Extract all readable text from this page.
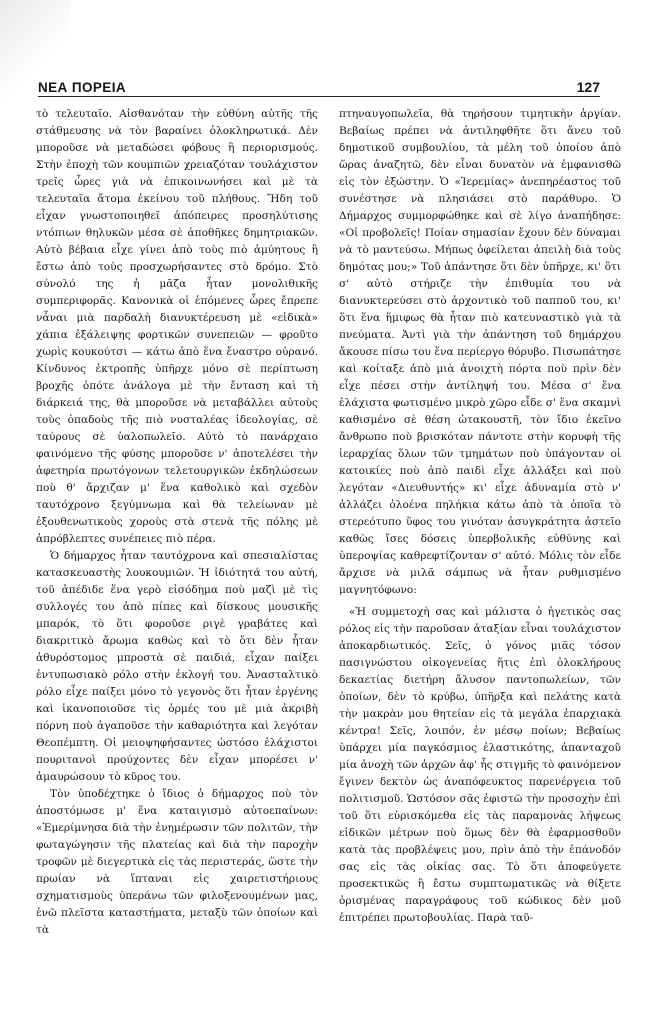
ΝΕΑ ΠΟΡΕΙΑ	127

τὸ τελευταῖο. Αἰσθανόταν τὴν εὐθύνη αὐτῆς τῆς στάθμευσης νὰ τὸν βαραίνει ὁλοκληρωτικά. Δὲν μποροῦσε νὰ μεταδώσει φόβους ἢ περιορισμούς. Στὴν ἐποχὴ τῶν κουμπιῶν χρειαζόταν τουλάχιστον τρεῖς ὧρες γιὰ νὰ ἐπικοινωνήσει καὶ μὲ τὰ τελευταῖα ἄτομα ἐκείνου τοῦ πλήθους. Ἤδη τοῦ εἶχαν γνωστοποιηθεῖ ἀπόπειρες προσηλύτισης ντόπιων θηλυκῶν μέσα σὲ ἀποθῆκες δημητριακῶν. Αὐτὸ βέβαια εἶχε γίνει ἀπὸ τοὺς πιὸ ἀμύητους ἢ ἔστω ἀπὸ τοὺς προσχωρήσαντες στὸ δρόμο. Στὸ σύνολό της ἡ μᾶζα ἦταν μονολιθικῆς συμπεριφορᾶς. Κανονικὰ οἱ ἑπόμενες ὧρες ἔπρεπε νἆναι μιὰ παρδαλὴ διανυκτέρευση μὲ «εἰδικὰ» χάπια ἐξάλειψης φορτικῶν συνεπειῶν — φροῦτο χωρὶς κουκούτσι — κάτω ἀπὸ ἕνα ἔναστρο οὐρανό. Κίνδυνος ἐκτροπῆς ὑπῆρχε μόνο σὲ περίπτωση βροχῆς ὁπότε ἀνάλογα μὲ τὴν ἔνταση καὶ τὴ διάρκειά της, θὰ μποροῦσε νὰ μεταβάλλει αὐτοὺς τοὺς ὀπαδοὺς τῆς πιὸ νυσταλέας ἰδεολογίας, σὲ ταύρους σὲ ὑαλοπωλεῖο. Αὐτὸ τὸ πανάρχαιο φαινόμενο τῆς φύσης μποροῦσε ν' ἀποτελέσει τὴν ἀφετηρία πρωτόγονων τελετουργικῶν ἐκδηλώσεων ποὺ θ' ἄρχιζαν μ' ἕνα καθολικὸ καὶ σχεδὸν ταυτόχρονο ξεγύμνωμα καὶ θὰ τελείωναν μὲ ἐξουθενωτικοὺς χοροὺς στὰ στενὰ τῆς πόλης μὲ ἀπρόβλεπτες συνέπειες πιὸ πέρα.

Ὁ δήμαρχος ἦταν ταυτόχρονα καὶ σπεσιαλίστας κατασκευαστὴς λουκουμιῶν. Ἡ ἰδιότητά του αὐτή, τοῦ ἀπέδιδε ἕνα γερὸ εἰσόδημα ποὺ μαζὶ μὲ τὶς συλλογές του ἀπὸ πίπες καὶ δίσκους μουσικῆς μπαρόκ, τὸ ὅτι φοροῦσε ριγὲ γραβάτες καὶ διακριτικὸ ἄρωμα καθὼς καὶ τὸ ὅτι δὲν ἦταν ἀθυρόστομος μπροστὰ σὲ παιδιά, εἶχαν παίξει ἐντυπωσιακὸ ρόλο στὴν ἐκλογή του. Ἀνασταλτικὸ ρόλο εἶχε παίξει μόνο τὸ γεγονὸς ὅτι ἦταν ἐργένης καὶ ἱκανοποιοῦσε τὶς ὁρμές του μὲ μιὰ ἀκριβὴ πόρνη ποὺ ἀγαποῦσε τὴν καθαριότητα καὶ λεγόταν Θεοπέμπτη. Οἱ μειοψηφήσαντες ὡστόσο ἐλάχιστοι πουριτανοὶ προύχοντες δὲν εἶχαν μπορέσει ν' ἀμαυρώσουν τὸ κῦρος του.

Τὸν ὑποδέχτηκε ὁ ἴδιος ὁ δήμαρχος ποὺ τὸν ἀποστόμωσε μ' ἕνα καταιγισμὸ αὐτοεπαίνων: «Ἐμερίμνησα διὰ τὴν ἐνημέρωσιν τῶν πολιτῶν, τὴν φωταγώγησιν τῆς πλατείας καὶ διὰ τὴν παροχὴν τροφῶν μὲ διεγερτικὰ εἰς τὰς περιστεράς, ὥστε τὴν πρωίαν νὰ ἵπταναι εἰς χαιρετιστήριους σχηματισμοὺς ὑπεράνω τῶν φιλοξενουμένων μας, ἐνῶ πλεῖστα καταστήματα, μεταξὺ τῶν ὁποίων καὶ τὰ

πτηναυγοπωλεῖα, θὰ τηρήσουν τιμητικὴν ἀργίαν. Βεβαίως πρέπει νὰ ἀντιληφθῆτε ὅτι ἄνευ τοῦ δημοτικοῦ συμβουλίου, τὰ μέλη τοῦ ὁποίου ἀπὸ ὥρας ἀναζητῶ, δὲν εἶναι δυνατὸν νὰ ἐμφανισθῶ εἰς τὸν ἐξώστην. Ὁ «Ἱερεμίας» ἀνεπηρέαστος τοῦ συνέστησε νὰ πλησιάσει στὸ παράθυρο. Ὁ Δήμαρχος συμμορφώθηκε καὶ σὲ λίγο ἀναπήδησε: «Οἱ προβολεῖς! Ποίαν σημασίαν ἔχουν δὲν δύναμαι νὰ τὸ μαντεύσω. Μήπως ὀφείλεται ἀπειλὴ διὰ τοὺς δημότας μου;» Τοῦ ἀπάντησε ὅτι δὲν ὑπῆρχε, κι' ὅτι σ' αὐτὸ στήριζε τὴν ἐπιθυμία του νὰ διανυκτερεύσει στὸ ἀρχοντικὸ τοῦ παπποῦ του, κι' ὅτι ἕνα ἥμιφως θὰ ἦταν πιὸ κατευναστικὸ γιὰ τὰ πνεύματα. Ἀντὶ γιὰ τὴν ἀπάντηση τοῦ δημάρχου ἄκουσε πίσω του ἕνα περίεργο θόρυβο. Πισωπάτησε καὶ κοίταξε ἀπὸ μιὰ ἀνοιχτὴ πόρτα ποὺ πρὶν δὲν εἶχε πέσει στὴν ἀντίληψή του. Μέσα σ' ἕνα ἐλάχιστα φωτισμένο μικρὸ χῶρο εἶδε σ' ἕνα σκαμνὶ καθισμένο σὲ θέση ὠτακουστῆ, τὸν ἴδιο ἐκεῖνο ἄνθρωπο ποὺ βρισκόταν πάντοτε στὴν κορυφὴ τῆς ἱεραρχίας ὅλων τῶν τμημάτων ποὺ ὑπάγονταν οἱ κατοικίες ποὺ ἀπὸ παιδὶ εἶχε ἀλλάξει καὶ ποὺ λεγόταν «Διευθυντής» κι' εἶχε ἀδυναμία στὸ ν' ἀλλάζει ὁλοένα πηλήκια κάτω ἀπὸ τὰ ὁποῖα τὸ στερεότυπο ὕφος του γινόταν ἀσυγκράτητα ἀστεῖο καθὼς ἴσες δόσεις ὑπερβολικῆς εὐθύνης καὶ ὑπεροψίας καθρεφτίζονταν σ' αὐτό. Μόλις τὸν εἶδε ἄρχισε νὰ μιλᾶ σάμπως νὰ ἦταν ρυθμισμένο μαγνητόφωνο:

«Ἡ συμμετοχὴ σας καὶ μάλιστα ὁ ἡγετικὸς σας ρόλος εἰς τὴν παροῦσαν ἀταξίαν εἶναι τουλάχιστον ἀποκαρδιωτικός. Σεῖς, ὁ γόνος μιᾶς τόσον πασιγνώστου οἰκογενείας ἥτις ἐπὶ ὁλοκλήρους δεκαετίας διετήρη ἄλυσον παντοπωλείων, τῶν ὁποίων, δὲν τὸ κρύβω, ὑπῆρξα καὶ πελάτης κατὰ τὴν μακρὰν μου θητείαν εἰς τὰ μεγάλα ἐπαρχιακὰ κέντρα! Σεῖς, λοιπόν, ἐν μέσῳ ποίων; Βεβαίως ὑπάρχει μία παγκόσμιος ἐλαστικότης, ἀπανταχοῦ μία ἀνοχὴ τῶν ἀρχῶν ἀφ' ἧς στιγμῆς τὸ φαινόμενον ἔγινεν δεκτὸν ὡς ἀναπόφευκτος παρενέργεια τοῦ πολιτισμοῦ. Ὡστόσον σᾶς ἐφιστῶ τὴν προσοχὴν ἐπὶ τοῦ ὅτι εὑρισκόμεθα εἰς τὰς παραμονὰς λήψεως εἰδικῶν μέτρων ποὺ ὅμως δὲν θὰ ἐφαρμοσθοῦν κατὰ τὰς προβλέψεις μου, πρὶν ἀπὸ τὴν ἐπάνοδόν σας εἰς τὰς οἰκίας σας. Τὸ ὅτι ἀποφεύγετε προσεκτικῶς ἢ ἔστω συμπτωματικῶς νὰ θίξετε ὁρισμένας παραγράφους τοῦ κώδικος δὲν μοῦ ἐπιτρέπει πρωτοβουλίας. Παρὰ ταῦ-
